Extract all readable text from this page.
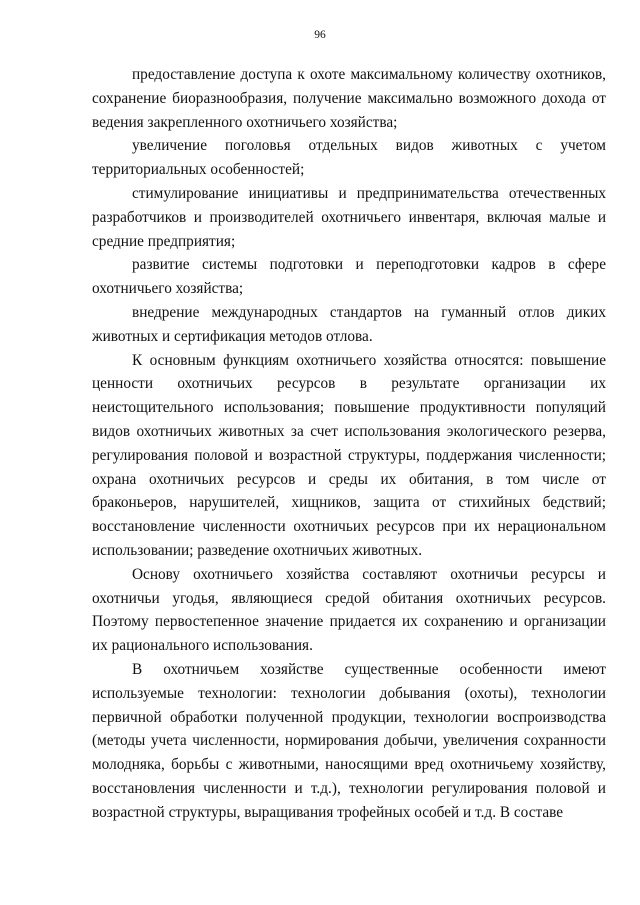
96

предоставление доступа к охоте максимальному количеству охотников, сохранение биоразнообразия, получение максимально возможного дохода от ведения закрепленного охотничьего хозяйства;

увеличение поголовья отдельных видов животных с учетом территориальных особенностей;

стимулирование инициативы и предпринимательства отечественных разработчиков и производителей охотничьего инвентаря, включая малые и средние предприятия;

развитие системы подготовки и переподготовки кадров в сфере охотничьего хозяйства;

внедрение международных стандартов на гуманный отлов диких животных и сертификация методов отлова.

К основным функциям охотничьего хозяйства относятся: повышение ценности охотничьих ресурсов в результате организации их неистощительного использования; повышение продуктивности популяций видов охотничьих животных за счет использования экологического резерва, регулирования половой и возрастной структуры, поддержания численности; охрана охотничьих ресурсов и среды их обитания, в том числе от браконьеров, нарушителей, хищников, защита от стихийных бедствий; восстановление численности охотничьих ресурсов при их нерациональном использовании; разведение охотничьих животных.

Основу охотничьего хозяйства составляют охотничьи ресурсы и охотничьи угодья, являющиеся средой обитания охотничьих ресурсов. Поэтому первостепенное значение придается их сохранению и организации их рационального использования.

В охотничьем хозяйстве существенные особенности имеют используемые технологии: технологии добывания (охоты), технологии первичной обработки полученной продукции, технологии воспроизводства (методы учета численности, нормирования добычи, увеличения сохранности молодняка, борьбы с животными, наносящими вред охотничьему хозяйству, восстановления численности и т.д.), технологии регулирования половой и возрастной структуры, выращивания трофейных особей и т.д. В составе
